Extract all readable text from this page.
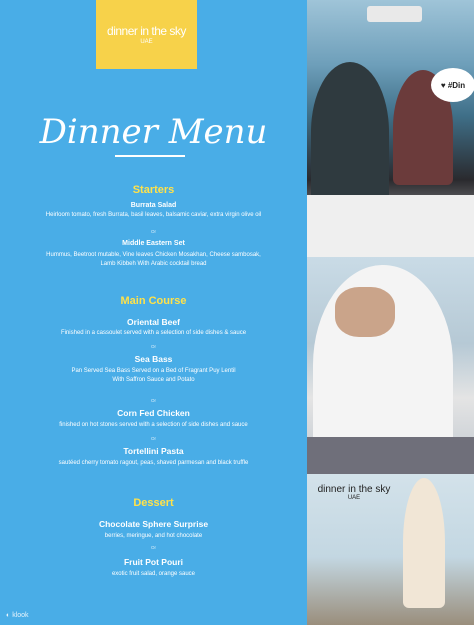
dinner in the sky
UAE
Dinner Menu
Starters
Burrata Salad
Heirloom tomato, fresh Burrata, basil leaves, balsamic caviar, extra virgin olive oil
Or
Middle Eastern Set
Hummus, Beetroot mutable, Vine leaves Chicken Mosakhan, Cheese sambosak,
Lamb Kibbeh With Arabic cocktail bread
Main Course
Oriental Beef
Finished in a cassoulet served with a selection of side dishes & sauce
Or
Sea Bass
Pan Served Sea Bass Served on a Bed of Fragrant Puy Lentil
With Saffron Sauce and Potato
Or
Corn Fed Chicken
finished on hot stones served with a selection of side dishes and sauce
Or
Tortellini Pasta
sautéed cherry tomato ragout, peas, shaved parmesan and black truffle
Dessert
Chocolate Sphere Surprise
berries, meringue, and hot chocolate
Or
Fruit Pot Pouri
exotic fruit salad, orange sauce
◐ klook
♥ #Din
dinner in the sky
UAE
